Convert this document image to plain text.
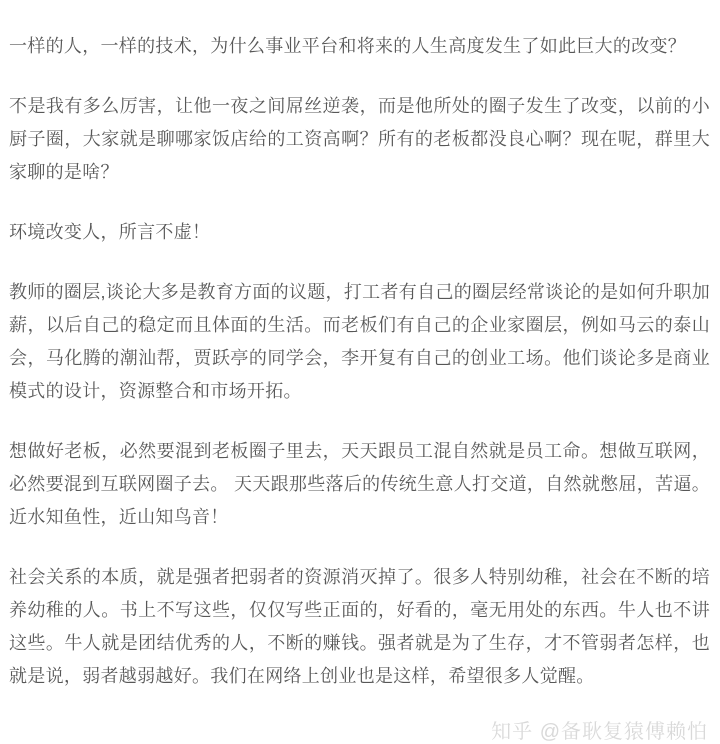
一样的人，一样的技术，为什么事业平台和将来的人生高度发生了如此巨大的改变？

不是我有多么厉害，让他一夜之间屌丝逆袭，而是他所处的圈子发生了改变，以前的小厨子圈，大家就是聊哪家饭店给的工资高啊？所有的老板都没良心啊？现在呢，群里大家聊的是啥？

环境改变人，所言不虚！

教师的圈层,谈论大多是教育方面的议题，打工者有自己的圈层经常谈论的是如何升职加薪，以后自己的稳定而且体面的生活。而老板们有自己的企业家圈层，例如马云的泰山会，马化腾的潮汕帮，贾跃亭的同学会，李开复有自己的创业工场。他们谈论多是商业模式的设计，资源整合和市场开拓。

想做好老板，必然要混到老板圈子里去，天天跟员工混自然就是员工命。想做互联网，必然要混到互联网圈子去。 天天跟那些落后的传统生意人打交道，自然就憋屈，苦逼。近水知鱼性，近山知鸟音！

社会关系的本质，就是强者把弱者的资源消灭掉了。很多人特别幼稚，社会在不断的培养幼稚的人。书上不写这些，仅仅写些正面的，好看的，毫无用处的东西。牛人也不讲这些。牛人就是团结优秀的人，不断的赚钱。强者就是为了生存，才不管弱者怎样，也就是说，弱者越弱越好。我们在网络上创业也是这样，希望很多人觉醒。

知乎 @备耿复猿傅赖怕
